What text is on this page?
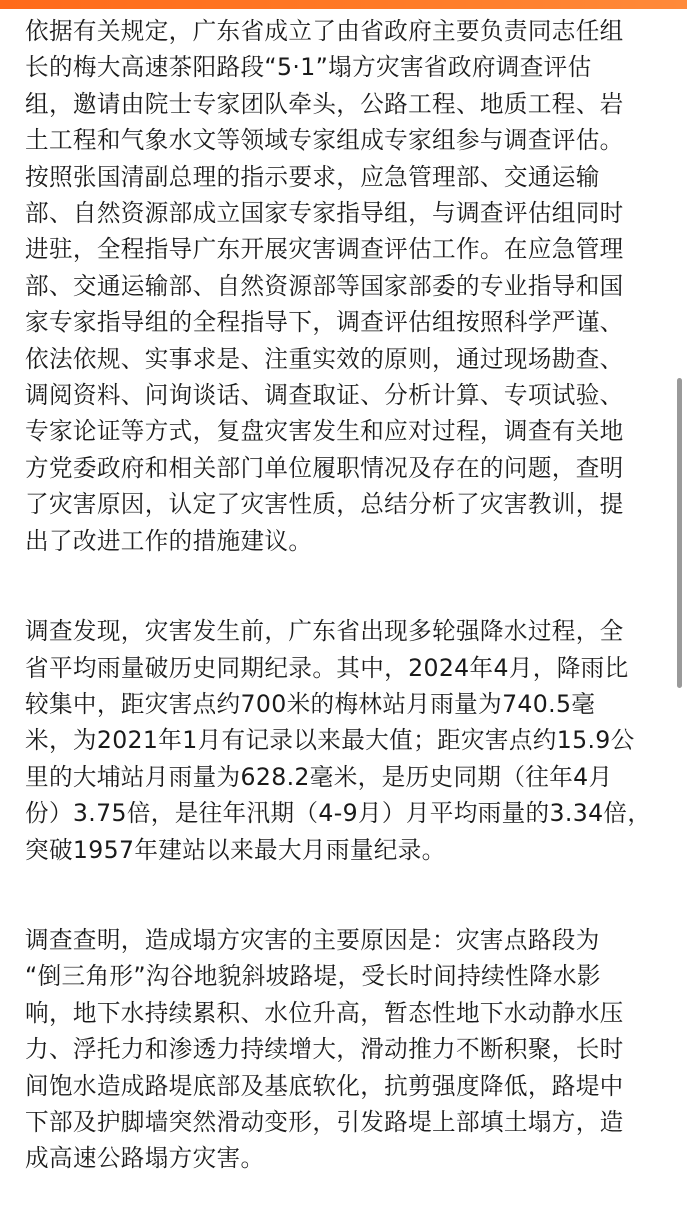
依据有关规定，广东省成立了由省政府主要负责同志任组
长的梅大高速茶阳路段“5·1”塌方灾害省政府调查评估
组，邀请由院士专家团队牵头，公路工程、地质工程、岩
土工程和气象水文等领域专家组成专家组参与调查评估。
按照张国清副总理的指示要求，应急管理部、交通运输
部、自然资源部成立国家专家指导组，与调查评估组同时
进驻，全程指导广东开展灾害调查评估工作。在应急管理
部、交通运输部、自然资源部等国家部委的专业指导和国
家专家指导组的全程指导下，调查评估组按照科学严谨、
依法依规、实事求是、注重实效的原则，通过现场勘查、
调阅资料、问询谈话、调查取证、分析计算、专项试验、
专家论证等方式，复盘灾害发生和应对过程，调查有关地
方党委政府和相关部门单位履职情况及存在的问题，查明
了灾害原因，认定了灾害性质，总结分析了灾害教训，提
出了改进工作的措施建议。

调查发现，灾害发生前，广东省出现多轮强降水过程，全
省平均雨量破历史同期纪录。其中，2024年4月，降雨比
较集中，距灾害点约700米的梅林站月雨量为740.5毫
米，为2021年1月有记录以来最大值；距灾害点约15.9公
里的大埔站月雨量为628.2毫米，是历史同期（往年4月
份）3.75倍，是往年汛期（4-9月）月平均雨量的3.34倍，
突破1957年建站以来最大月雨量纪录。

调查查明，造成塌方灾害的主要原因是：灾害点路段为
“倒三角形”沟谷地貌斜坡路堤，受长时间持续性降水影
响，地下水持续累积、水位升高，暂态性地下水动静水压
力、浮托力和渗透力持续增大，滑动推力不断积聚，长时
间饱水造成路堤底部及基底软化，抗剪强度降低，路堤中
下部及护脚墙突然滑动变形，引发路堤上部填土塌方，造
成高速公路塌方灾害。
